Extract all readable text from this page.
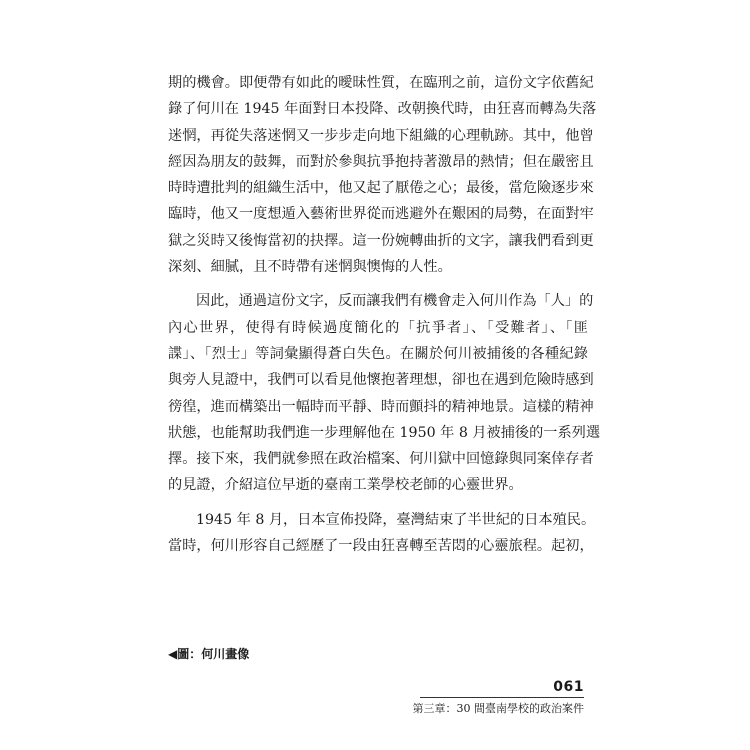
期的機會。即便帶有如此的曖昧性質，在臨刑之前，這份文字依舊紀
錄了何川在 1945 年面對日本投降、改朝換代時，由狂喜而轉為失落
迷惘，再從失落迷惘又一步步走向地下組織的心理軌跡。其中，他曾
經因為朋友的鼓舞，而對於參與抗爭抱持著激昂的熱情；但在嚴密且
時時遭批判的組織生活中，他又起了厭倦之心；最後，當危險逐步來
臨時，他又一度想遁入藝術世界從而逃避外在艱困的局勢，在面對牢
獄之災時又後悔當初的抉擇。這一份婉轉曲折的文字，讓我們看到更
深刻、細膩，且不時帶有迷惘與懊悔的人性。
因此，通過這份文字，反而讓我們有機會走入何川作為「人」的
內心世界，使得有時候過度簡化的「抗爭者」、「受難者」、「匪
諜」、「烈士」等詞彙顯得蒼白失色。在關於何川被捕後的各種紀錄
與旁人見證中，我們可以看見他懷抱著理想，卻也在遇到危險時感到
徬徨，進而構築出一幅時而平靜、時而顫抖的精神地景。這樣的精神
狀態，也能幫助我們進一步理解他在 1950 年 8 月被捕後的一系列選
擇。接下來，我們就參照在政治檔案、何川獄中回憶錄與同案倖存者
的見證，介紹這位早逝的臺南工業學校老師的心靈世界。
1945 年 8 月，日本宣佈投降，臺灣結束了半世紀的日本殖民。
當時，何川形容自己經歷了一段由狂喜轉至苦悶的心靈旅程。起初，
◀圖：何川畫像
061
第三章：30 間臺南學校的政治案件
